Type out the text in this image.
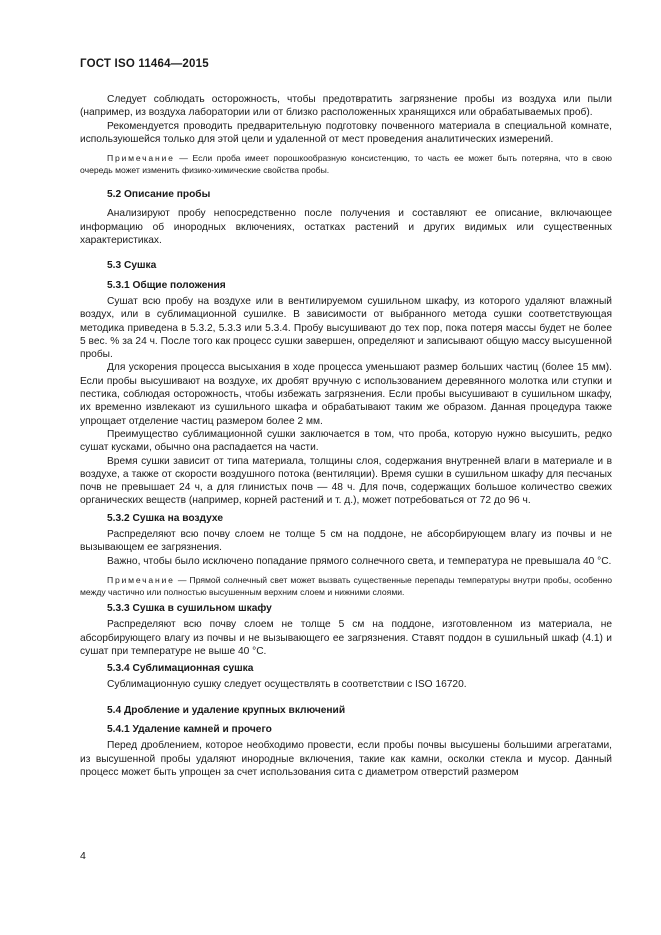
ГОСТ ISO 11464—2015

Следует соблюдать осторожность, чтобы предотвратить загрязнение пробы из воздуха или пыли (например, из воздуха лаборатории или от близко расположенных хранящихся или обрабатываемых проб).

Рекомендуется проводить предварительную подготовку почвенного материала в специальной комнате, используюшейся только для этой цели и удаленной от мест проведения аналитических измерений.

Примечание — Если проба имеет порошкообразную консистенцию, то часть ее может быть потеряна, что в свою очередь может изменить физико-химические свойства пробы.

5.2 Описание пробы

Анализируют пробу непосредственно после получения и составляют ее описание, включающее информацию об инородных включениях, остатках растений и других видимых или существенных характеристиках.

5.3 Сушка

5.3.1 Общие положения

Сушат всю пробу на воздухе или в вентилируемом сушильном шкафу, из которого удаляют влажный воздух, или в сублимационной сушилке. В зависимости от выбранного метода сушки соответствующая методика приведена в 5.3.2, 5.3.3 или 5.3.4. Пробу высушивают до тех пор, пока потеря массы будет не более 5 вес. % за 24 ч. После того как процесс сушки завершен, определяют и записывают общую массу высушенной пробы.

Для ускорения процесса высыхания в ходе процесса уменьшают размер больших частиц (более 15 мм). Если пробы высушивают на воздухе, их дробят вручную с использованием деревянного молотка или ступки и пестика, соблюдая осторожность, чтобы избежать загрязнения. Если пробы высушивают в сушильном шкафу, их временно извлекают из сушильного шкафа и обрабатывают таким же образом. Данная процедура также упрощает отделение частиц размером более 2 мм.

Преимущество сублимационной сушки заключается в том, что проба, которую нужно высушить, редко сушат кусками, обычно она распадается на части.

Время сушки зависит от типа материала, толщины слоя, содержания внутренней влаги в материале и в воздухе, а также от скорости воздушного потока (вентиляции). Время сушки в сушильном шкафу для песчаных почв не превышает 24 ч, а для глинистых почв — 48 ч. Для почв, содержащих большое количество свежих органических веществ (например, корней растений и т. д.), может потребоваться от 72 до 96 ч.

5.3.2 Сушка на воздухе

Распределяют всю почву слоем не толще 5 см на поддоне, не абсорбирующем влагу из почвы и не вызывающем ее загрязнения.

Важно, чтобы было исключено попадание прямого солнечного света, и температура не превышала 40 °С.

Примечание — Прямой солнечный свет может вызвать существенные перепады температуры внутри пробы, особенно между частично или полностью высушенным верхним слоем и нижними слоями.

5.3.3 Сушка в сушильном шкафу

Распределяют всю почву слоем не толще 5 см на поддоне, изготовленном из материала, не абсорбирующего влагу из почвы и не вызывающего ее загрязнения. Ставят поддон в сушильный шкаф (4.1) и сушат при температуре не выше 40 °С.

5.3.4 Сублимационная сушка

Сублимационную сушку следует осуществлять в соответствии с ISO 16720.

5.4 Дробление и удаление крупных включений

5.4.1 Удаление камней и прочего

Перед дроблением, которое необходимо провести, если пробы почвы высушены большими агрегатами, из высушенной пробы удаляют инородные включения, такие как камни, осколки стекла и мусор. Данный процесс может быть упрощен за счет использования сита с диаметром отверстий размером

4
